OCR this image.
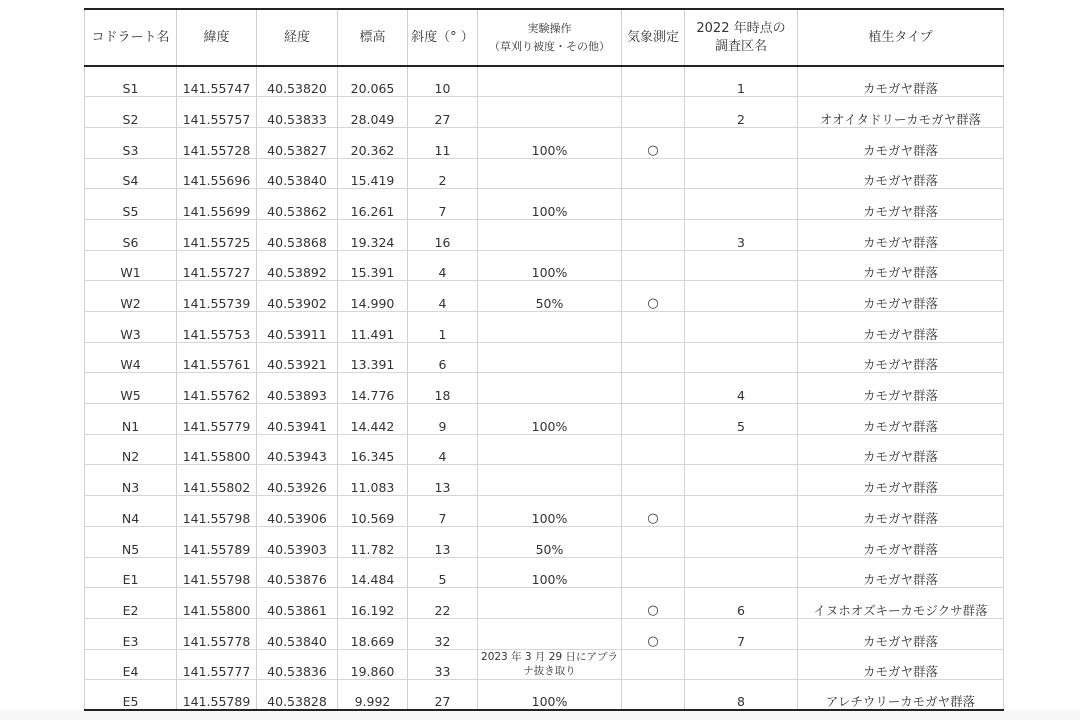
コドラート名	緯度	経度	標高	斜度（° ）	実験操作
（草刈り被度・その他）	気象測定	2022 年時点の
調査区名	植生タイプ
S1	141.55747	40.53820	20.065	10			1	カモガヤ群落
S2	141.55757	40.53833	28.049	27			2	オオイタドリーカモガヤ群落
S3	141.55728	40.53827	20.362	11	100%	○		カモガヤ群落
S4	141.55696	40.53840	15.419	2				カモガヤ群落
S5	141.55699	40.53862	16.261	7	100%			カモガヤ群落
S6	141.55725	40.53868	19.324	16			3	カモガヤ群落
W1	141.55727	40.53892	15.391	4	100%			カモガヤ群落
W2	141.55739	40.53902	14.990	4	50%	○		カモガヤ群落
W3	141.55753	40.53911	11.491	1				カモガヤ群落
W4	141.55761	40.53921	13.391	6				カモガヤ群落
W5	141.55762	40.53893	14.776	18			4	カモガヤ群落
N1	141.55779	40.53941	14.442	9	100%		5	カモガヤ群落
N2	141.55800	40.53943	16.345	4				カモガヤ群落
N3	141.55802	40.53926	11.083	13				カモガヤ群落
N4	141.55798	40.53906	10.569	7	100%	○		カモガヤ群落
N5	141.55789	40.53903	11.782	13	50%			カモガヤ群落
E1	141.55798	40.53876	14.484	5	100%			カモガヤ群落
E2	141.55800	40.53861	16.192	22		○	6	イヌホオズキーカモジクサ群落
E3	141.55778	40.53840	18.669	32		○	7	カモガヤ群落
E4	141.55777	40.53836	19.860	33	2023 年 3 月 29 日にアブラナ抜き取り			カモガヤ群落
E5	141.55789	40.53828	9.992	27	100%		8	アレチウリーカモガヤ群落
